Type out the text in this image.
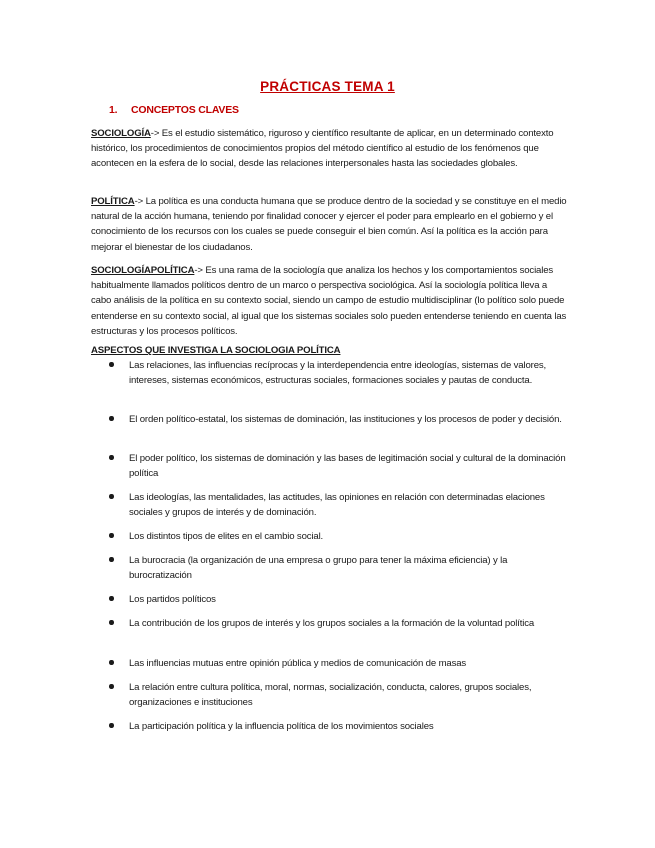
PRÁCTICAS TEMA 1
1. CONCEPTOS CLAVES

SOCIOLOGÍA-> Es el estudio sistemático, riguroso y científico resultante de aplicar, en un determinado contexto histórico, los procedimientos de conocimientos propios del método científico al estudio de los fenómenos que acontecen en la esfera de lo social, desde las relaciones interpersonales hasta las sociedades globales.

POLÍTICA-> La política es una conducta humana que se produce dentro de la sociedad y se constituye en el medio natural de la acción humana, teniendo por finalidad conocer y ejercer el poder para emplearlo en el gobierno y el conocimiento de los recursos con los cuales se puede conseguir el bien común. Así la política es la acción para mejorar el bienestar de los ciudadanos.

SOCIOLOGÍAPOLÍTICA-> Es una rama de la sociología que analiza los hechos y los comportamientos sociales habitualmente llamados políticos dentro de un marco o perspectiva sociológica. Así la sociología política lleva a cabo análisis de la política en su contexto social, siendo un campo de estudio multidisciplinar (lo político solo puede entenderse en su contexto social, al igual que los sistemas sociales solo pueden entenderse teniendo en cuenta las estructuras y los procesos políticos.

ASPECTOS QUE INVESTIGA LA SOCIOLOGIA POLÍTICA
Las relaciones, las influencias recíprocas y la interdependencia entre ideologías, sistemas de valores, intereses, sistemas económicos, estructuras sociales, formaciones sociales y pautas de conducta.
El orden político-estatal, los sistemas de dominación, las instituciones y los procesos de poder y decisión.
El poder político, los sistemas de dominación y las bases de legitimación social y cultural de la dominación política
Las ideologías, las mentalidades, las actitudes, las opiniones en relación con determinadas elaciones sociales y grupos de interés y de dominación.
Los distintos tipos de elites en el cambio social.
La burocracia (la organización de una empresa o grupo para tener la máxima eficiencia) y la burocratización
Los partidos políticos
La contribución de los grupos de interés y los grupos sociales a la formación de la voluntad política
Las influencias mutuas entre opinión pública y medios de comunicación de masas
La relación entre cultura política, moral, normas, socialización, conducta, calores, grupos sociales, organizaciones e instituciones
La participación política y la influencia política de los movimientos sociales
